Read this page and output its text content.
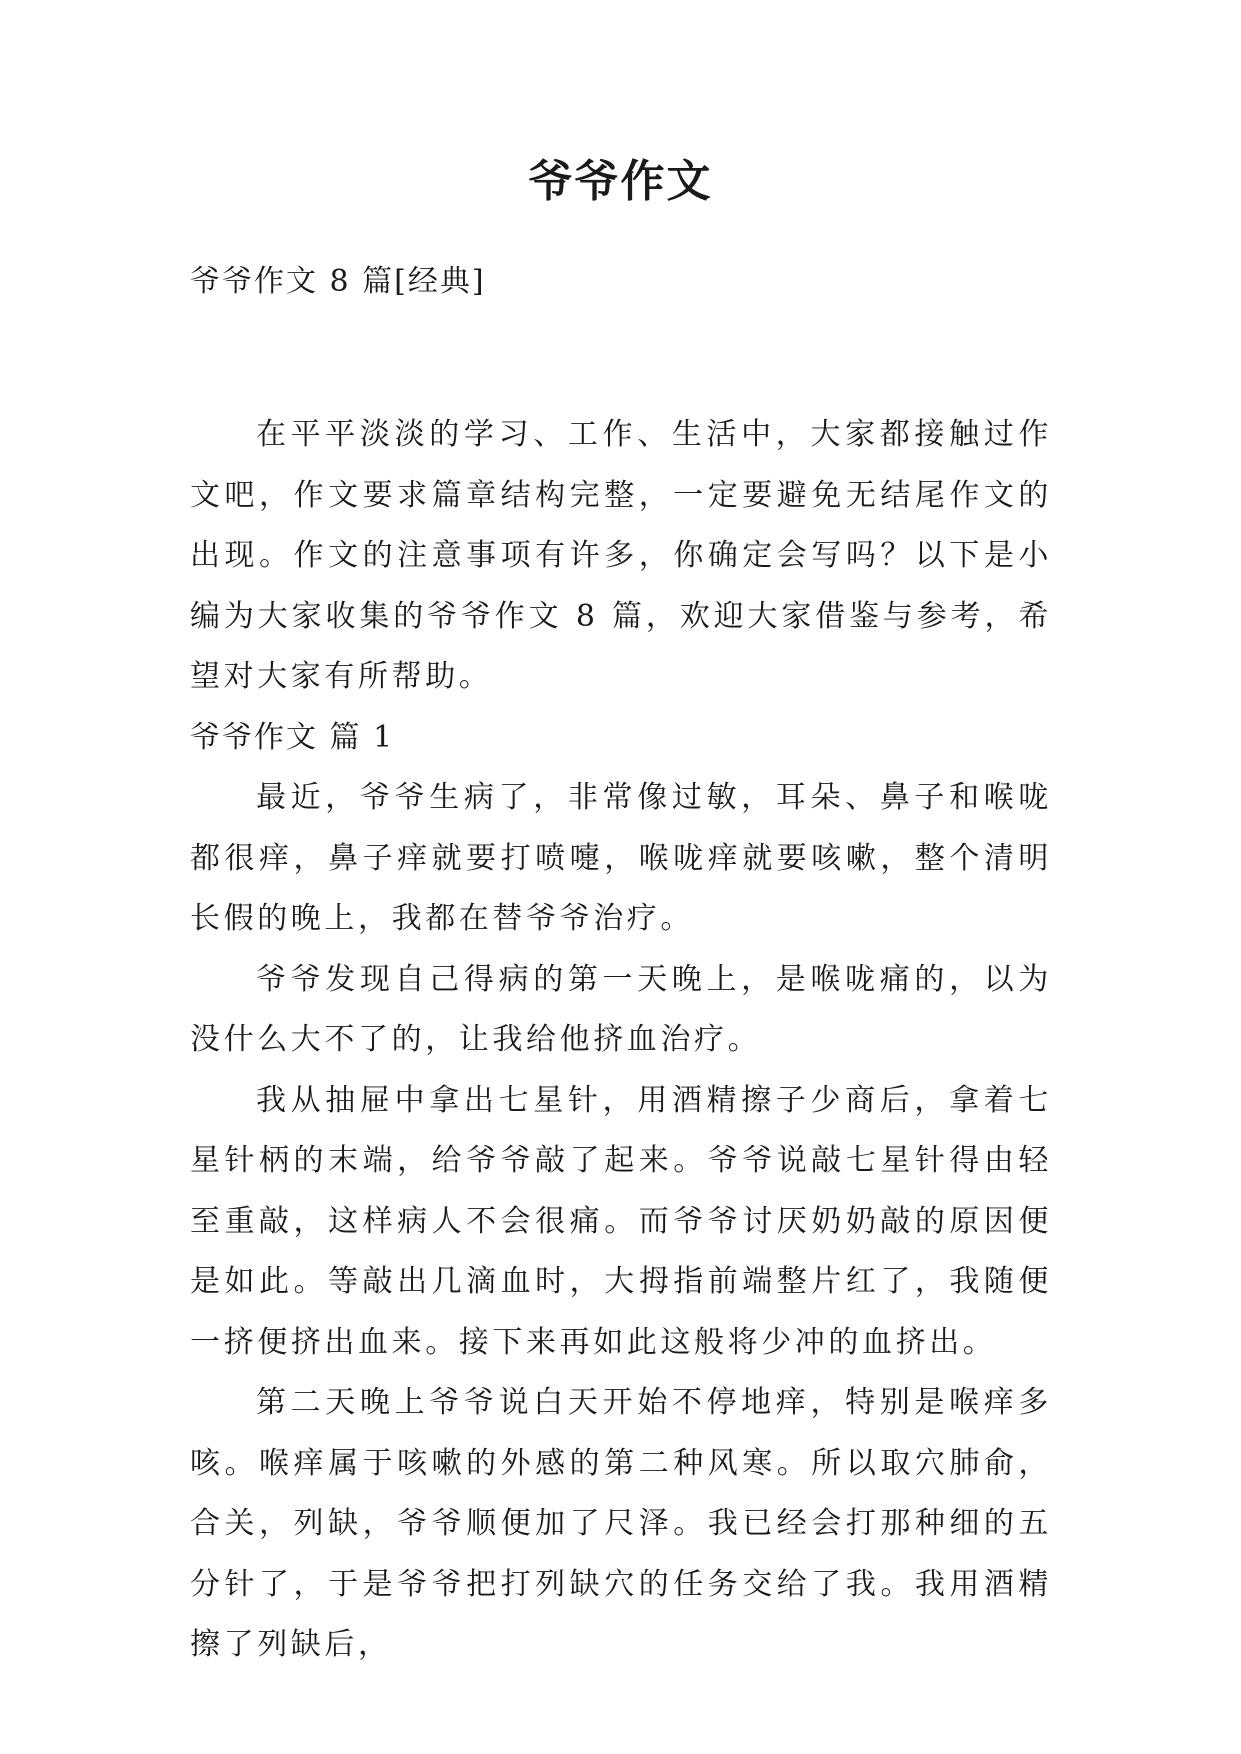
爷爷作文

爷爷作文 8 篇[经典]

在平平淡淡的学习、工作、生活中，大家都接触过作文吧，作文要求篇章结构完整，一定要避免无结尾作文的出现。作文的注意事项有许多，你确定会写吗？以下是小编为大家收集的爷爷作文 8 篇，欢迎大家借鉴与参考，希望对大家有所帮助。

爷爷作文 篇 1

最近，爷爷生病了，非常像过敏，耳朵、鼻子和喉咙都很痒，鼻子痒就要打喷嚏，喉咙痒就要咳嗽，整个清明长假的晚上，我都在替爷爷治疗。

爷爷发现自己得病的第一天晚上，是喉咙痛的，以为没什么大不了的，让我给他挤血治疗。

我从抽屉中拿出七星针，用酒精擦子少商后，拿着七星针柄的末端，给爷爷敲了起来。爷爷说敲七星针得由轻至重敲，这样病人不会很痛。而爷爷讨厌奶奶敲的原因便是如此。等敲出几滴血时，大拇指前端整片红了，我随便一挤便挤出血来。接下来再如此这般将少冲的血挤出。

第二天晚上爷爷说白天开始不停地痒，特别是喉痒多咳。喉痒属于咳嗽的外感的第二种风寒。所以取穴肺俞，合关，列缺，爷爷顺便加了尺泽。我已经会打那种细的五分针了，于是爷爷把打列缺穴的任务交给了我。我用酒精擦了列缺后，
